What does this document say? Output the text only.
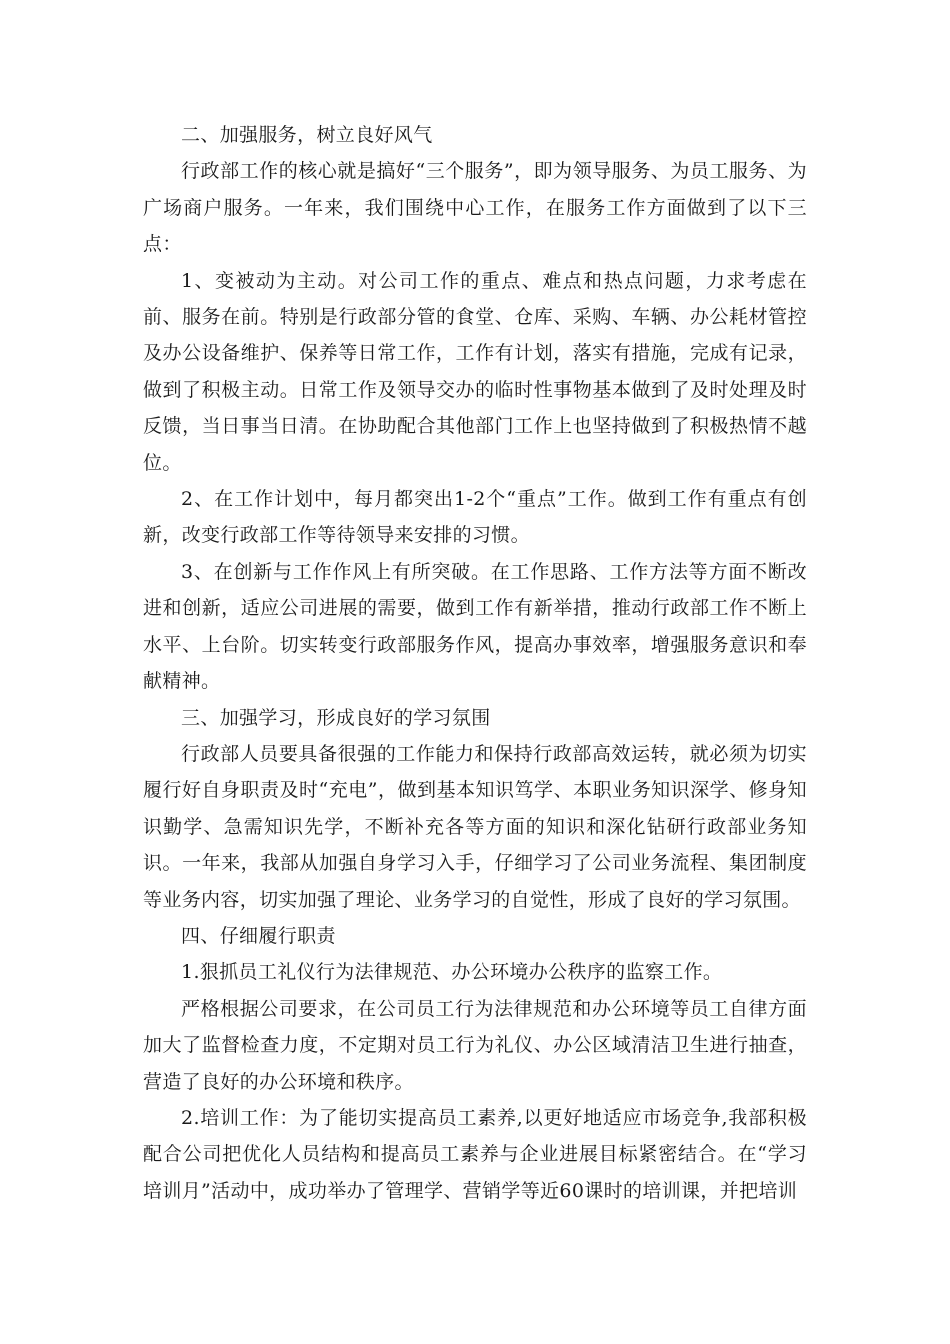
二、加强服务，树立良好风气

行政部工作的核心就是搞好“三个服务”，即为领导服务、为员工服务、为广场商户服务。一年来，我们围绕中心工作，在服务工作方面做到了以下三点：

1、变被动为主动。对公司工作的重点、难点和热点问题，力求考虑在前、服务在前。特别是行政部分管的食堂、仓库、采购、车辆、办公耗材管控及办公设备维护、保养等日常工作，工作有计划，落实有措施，完成有记录，做到了积极主动。日常工作及领导交办的临时性事物基本做到了及时处理及时反馈，当日事当日清。在协助配合其他部门工作上也坚持做到了积极热情不越位。

2、在工作计划中，每月都突出1-2个“重点”工作。做到工作有重点有创新，改变行政部工作等待领导来安排的习惯。

3、在创新与工作作风上有所突破。在工作思路、工作方法等方面不断改进和创新，适应公司进展的需要，做到工作有新举措，推动行政部工作不断上水平、上台阶。切实转变行政部服务作风，提高办事效率，增强服务意识和奉献精神。

三、加强学习，形成良好的学习氛围

行政部人员要具备很强的工作能力和保持行政部高效运转，就必须为切实履行好自身职责及时“充电”，做到基本知识笃学、本职业务知识深学、修身知识勤学、急需知识先学，不断补充各等方面的知识和深化钻研行政部业务知识。一年来，我部从加强自身学习入手，仔细学习了公司业务流程、集团制度等业务内容，切实加强了理论、业务学习的自觉性，形成了良好的学习氛围。

四、仔细履行职责

1.狠抓员工礼仪行为法律规范、办公环境办公秩序的监察工作。

严格根据公司要求，在公司员工行为法律规范和办公环境等员工自律方面加大了监督检查力度，不定期对员工行为礼仪、办公区域清洁卫生进行抽查，营造了良好的办公环境和秩序。

2.培训工作：为了能切实提高员工素养,以更好地适应市场竞争,我部积极配合公司把优化人员结构和提高员工素养与企业进展目标紧密结合。在“学习培训月”活动中，成功举办了管理学、营销学等近60课时的培训课，并把培训
